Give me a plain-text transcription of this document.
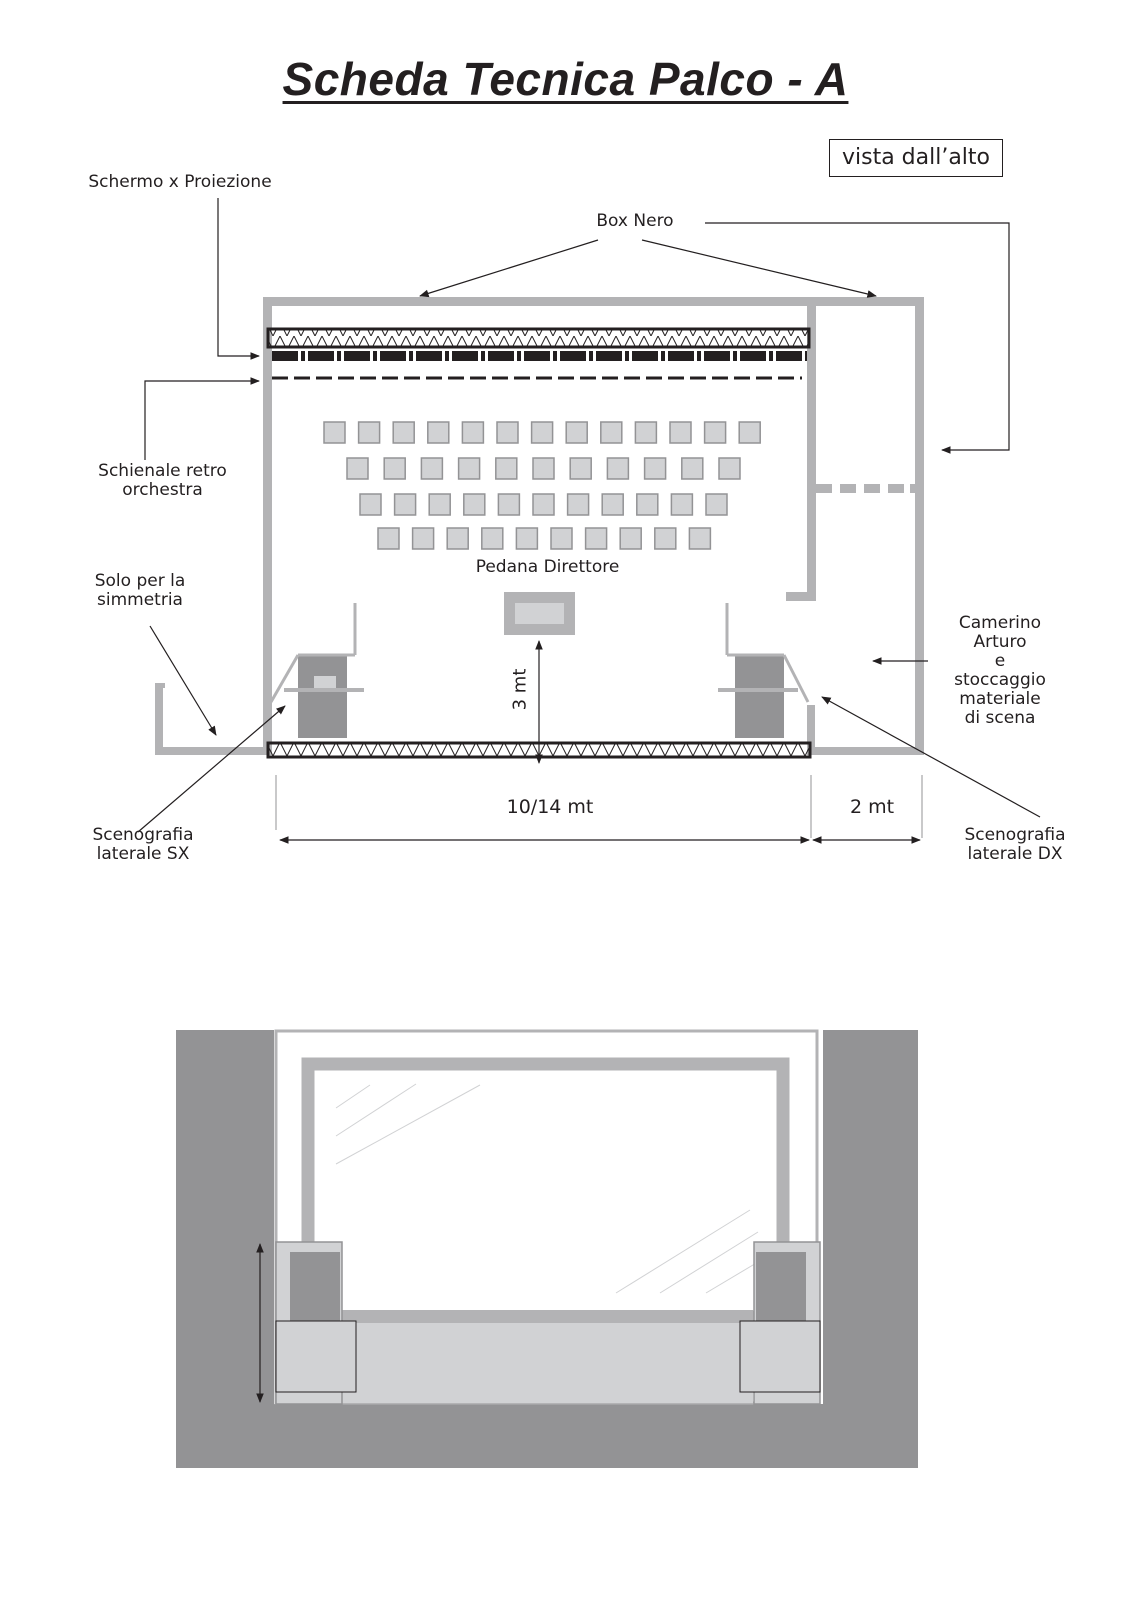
Scheda Tecnica Palco - A
vista dall’alto
Schermo x Proiezione
Box Nero
Schienale retro
orchestra
Solo per la
simmetria
Pedana Direttore
Camerino
Arturo
e
stoccaggio
materiale
di scena
Scenografia
laterale SX
Scenografia
laterale DX
10/14 mt	2 mt
3 mt
